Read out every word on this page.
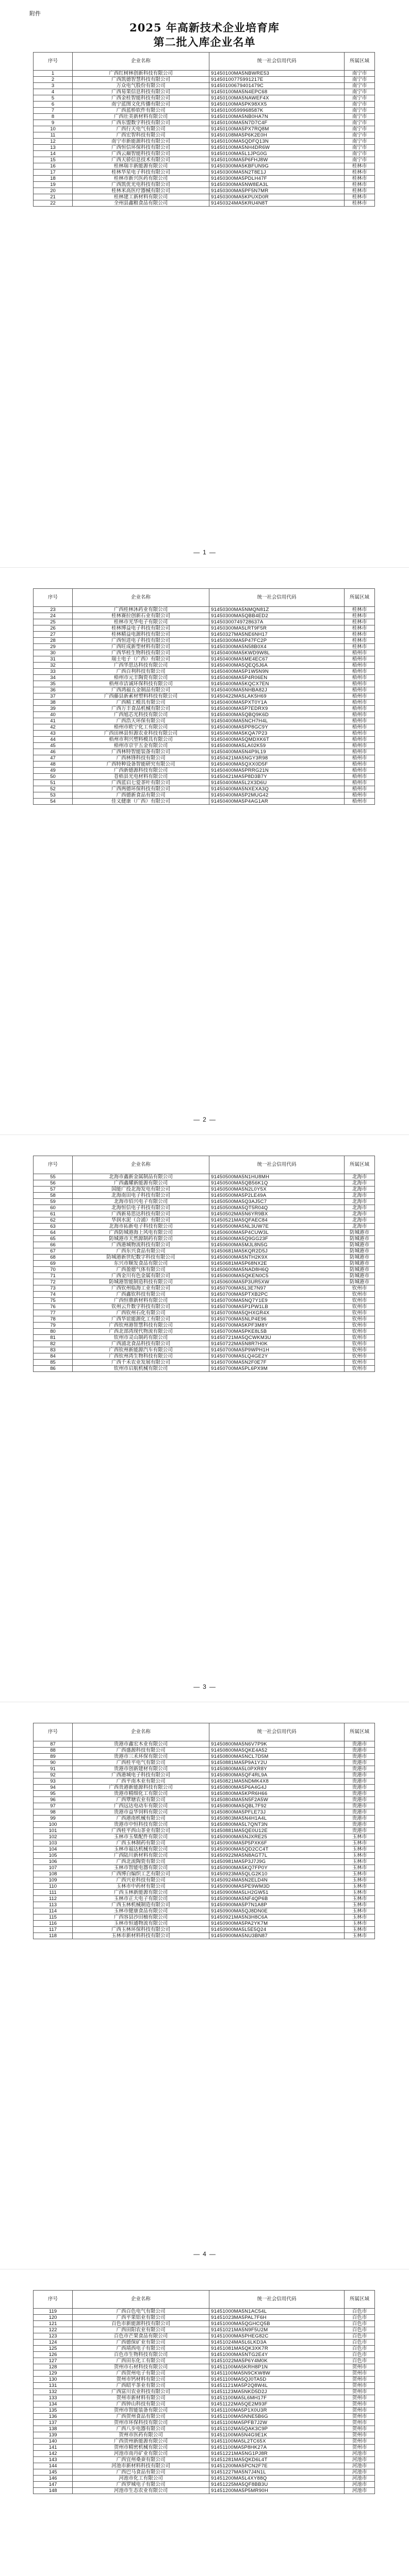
附件
2025 年高新技术企业培育库
第二批入库企业名单
序号	企业名称	统一社会信用代码	所属区域
1	广西红树林创新科技有限公司	91450100MA5NBWRE53	南宁市
2	广西凯德智慧科技有限公司	91450100775991217E	南宁市
3	万众电气股份有限公司	91450100679401479C	南宁市
4	广西易果信息科技有限公司	91450100MA5N4EPC68	南宁市
5	广西金桂智能科技有限公司	91450100MA5NAWEF4X	南宁市
6	南宁蓝图文化传播有限公司	91450100MA5PK98XX5	南宁市
7	广西蓝桥软件有限公司	91450100599968587K	南宁市
8	广西壮美新材料有限公司	91450100MA5NB0HA7N	南宁市
9	广西东盟数字科技有限公司	91450100MA5N7D7C4F	南宁市
10	广西行天电气有限公司	91450100MA5PX7RQ8M	南宁市
11	广西宏智科技有限公司	91450108MA5P6K2E0H	南宁市
12	南宁市新能源科技有限公司	91450100MA5QDFQ13N	南宁市
13	广西恒信环保科技有限公司	91450100MA5NH4DR6W	南宁市
14	广西云巅智能科技有限公司	91450100MA5L1JPG0G	南宁市
15	广西天骄信息技术有限公司	91450100MA5P6FHJ8W	南宁市
16	桂林瑞丰新能源有限公司	91450300MA5KBFUN9G	桂林市
17	桂林华星电子科技有限公司	91450300MA5N2T8E1J	桂林市
18	桂林市新兴医药有限公司	91450300MA5PDLH47F	桂林市
19	广西凯优光电科技有限公司	91450300MA5NW8EA3L	桂林市
20	桂林米高医疗器械有限公司	91450300MA5PF5N7MR	桂林市
21	桂林建工新材料有限公司	91450300MA5KPUXD0R	桂林市
22	全州县鑫粮食品有限公司	91450324MA5KRU4N8T	桂林市
— 1 —
序号	企业名称	统一社会信用代码	所属区域
23	广西桂林沐药业有限公司	91450300MA5NMQN81Z	桂林市
24	桂林赛拉创新石业有限公司	91450300MA5QBB4ED2	桂林市
25	桂林市光华电子有限公司	91450300749728637A	桂林市
26	桂林博益电子科技有限公司	91450300MA5LRT9F5R	桂林市
27	桂林精益电源科技有限公司	91450327MA5NE6NH17	桂林市
28	广西恒进电子科技有限公司	91450300MA5P47FC2P	桂林市
29	广西旺成新型材料有限公司	91450300MA5N58B0X4	桂林市
30	广西华桂生物科技有限公司	91450400MA5KWD9W8L	梧州市
31	瑞士电子（广西）有限公司	91450400MA5ME4EC67	梧州市
32	广西华思达科技有限公司	91450400MA5QEQ5J6A	梧州市
33	广西百利科技有限公司	91450400MA5P1W5N9N	梧州市
34	梧州市元丰陶瓷有限公司	91450406MA5P4R06EN	梧州市
35	梧州市洁诚环保科技有限公司	91450400MA5KQCX7EN	梧州市
36	广西鸿福五金制品有限公司	91450400MA5NHBA82J	梧州市
37	广西藤县新素材塑料科技有限公司	91450422MA5LAK5H69	梧州市
38	广西精工模具有限公司	91450400MA5PXT0Y1A	梧州市
39	广西万丰食品机械有限公司	91450400MA5P7EDRX9	梧州市
40	广西旭芯光科技有限公司	91450400MA5QBQ9K6D	梧州市
41	广西浩天环保有限公司	91450400MA5NCH7H4L	梧州市
42	梧州市欧宁化工有限公司	91450400MA5PP8GC9Y	梧州市
43	广西田林县恒源农业科技有限公司	91450400MA5KQA7P23	梧州市
44	梧州市利兴塑料模具有限公司	91450400MA5QMDXK6T	梧州市
45	梧州市京宇五金有限公司	91450400MA5LA02K59	梧州市
46	广西林特智能装备有限公司	91450400MA5N4P9L19	梧州市
47	广西林锋科技有限公司	91450421MA5NGY3R98	梧州市
48	广西特种设备智能研究有限公司	91450400MA5QXX0D5F	梧州市
49	广西新德源科技有限公司	91450400MA5PRRG21N	梧州市
50	苍梧县光电材料有限公司	91450421MA5P8D3B7Y	梧州市
51	广西蓝启七爱茶叶有限公司	91450400MA5L2X3D6U	梧州市
52	广西两德环保科技有限公司	91450400MA5NXEXA3Q	梧州市
53	广西德新食品有限公司	91450400MA5P2MUG42	梧州市
54	佳义健康（广西）有限公司	91450400MA5P4AG1AR	梧州市
— 2 —
序号	企业名称	统一社会信用代码	所属区域
55	北海市鑫新金属制品有限公司	91450500MA5N1HU8MH	北海市
56	广西鑫耀新能源有限公司	91450500MA5QB56K1Q	北海市
57	国能广投北海发电有限公司	91450500MA5N2L0Y5X	北海市
58	北海南田电子科技有限公司	91450500MA5P2LE49A	北海市
59	北海市佰兴电子有限公司	91450500MA5Q3AJ5C7	北海市
60	北海恒信电子科技有限公司	91450500MA5QT5R04Q	北海市
61	广西新易思达科技有限公司	91450502MA5N6YR9BX	北海市
62	华润水泥（合浦）有限公司	91450521MA5QFAEC84	北海市
63	北海市拓新电子科技有限公司	91450500MA5NL3UW7E	北海市
64	广西防城港海上风电有限公司	91450600MA5P4CUW3L	防城港市
65	防城港市天然源制药有限公司	91450600MA5Q9GG23F	防城港市
66	广西港城物流科技有限公司	91450600MA5MJL8N5G	防城港市
67	广西东兴食品有限公司	91450681MA5KQR2D5J	防城港市
68	防城港新世纪数字科技有限公司	91450600MA5NTH2K9X	防城港市
69	东兴市顺发食品有限公司	91450681MA5P68NX2E	防城港市
70	广西盈德气体有限公司	91450600MA5NAD8H6Q	防城港市
71	广西金川有色金属有限公司	91450600MA5QKEN0C5	防城港市
72	防城港智能制造科技有限公司	91450600MA5P3UR5XW	防城港市
73	广西钦州临海工业有限公司	91450700MA5L3E7N97	钦州市
74	广西鑫钦科技有限公司	91450700MA5PTXB2PC	钦州市
75	广西恒鼎新材料有限公司	91450700MA5NQ7Y1E9	钦州市
76	钦州云升数字科技有限公司	91450700MA5P1PW1LB	钦州市
77	广西钦州石化有限公司	91450700MA5QHXGR4X	钦州市
78	广西华谊能源化工有限公司	91450700MA5NLP4E96	钦州市
79	广西钦州港智慧科技有限公司	91450700MA5KPF3M8Y	钦州市
80	广西北部湾现代物流有限公司	91450700MA5PKE8L5B	钦州市
81	钦州市灵山制药有限公司	91450721MA5QCWKM3U	钦州市
82	广西浦北食品科技有限公司	91450722MA5N8R7H0K	钦州市
83	广西钦州新能源汽车有限公司	91450700MA5P9WPH1H	钦州市
84	广西钦州湾生物科技有限公司	91450700MA5LQ4GE2Y	钦州市
85	广西千禾农业发展有限公司	91450700MA5N2F0E7F	钦州市
86	钦州市启航机械有限公司	91450700MA5PL6PX9M	钦州市
— 3 —
序号	企业名称	统一社会信用代码	所属区域
87	贵港市鑫宏木业有限公司	91450800MA5N6V7P9K	贵港市
88	广西盛源科技有限公司	91450800MA5QKE4A52	贵港市
89	贵港市三禾环保有限公司	91450800MA5NCL7D5M	贵港市
90	广西桂平电气有限公司	91450881MA5P9A1Y2U	贵港市
91	贵港市创新建材有限公司	91450800MA5L0PXR8Y	贵港市
92	广西港城电子科技有限公司	91450800MA5QF4RL9A	贵港市
93	广西平南木业有限公司	91450821MA5NDMK4X8	贵港市
94	广西贵港新能源科技有限公司	91450800MA5P6A4G4J	贵港市
95	贵港市精细化工有限公司	91450800MA5KPR6H66	贵港市
96	广西覃塘农业有限公司	91450804MA5N5F2A5W	贵港市
97	广西远达电动车有限公司	91450800MA5QBL7F92	贵港市
98	贵港市益华饲料有限公司	91450800MA5PFLE73J	贵港市
99	广西港南机械有限公司	91450803MA5N4H1A4L	贵港市
100	贵港市中恒科技有限公司	91450800MA5L7QNT3N	贵港市
101	广西桂平西山茶业有限公司	91450881MA5QE0U12E	贵港市
102	玉林市玉柴配件有限公司	91450900MA5NJXRE25	玉林市
103	广西玉林制药有限公司	91450900MA5P5PXK6F	玉林市
104	玉林市福达机械有限公司	91450900MA5QD2CC4T	玉林市
105	广西陆川新材料有限公司	91450922MA5N8AGT7L	玉林市
106	广西北流陶瓷有限公司	91450981MA5P3J7J9G	玉林市
107	玉林市智能电器有限公司	91450900MA5KQ7FP0Y	玉林市
108	广西博白编织工艺有限公司	91450923MA5QLG2K10	玉林市
109	广西兴业科技有限公司	91450924MA5N2ELD4N	玉林市
110	玉林市中药材有限公司	91450900MA5PE9WM3D	玉林市
111	广西玉林新能源有限公司	91450900MA5LH2GW51	玉林市
112	玉林市正大电子有限公司	91450900MA5NF4QP6B	玉林市
113	广西玉林机械制造有限公司	91450900MA5P7N1A8P	玉林市
114	玉林市健康食品有限公司	91450900MA5QJ8DN0E	玉林市
115	广西容县沙田柚有限公司	91450921MA5N3H8C6A	玉林市
116	玉林市恒通物流有限公司	91450900MA5PA2YK7M	玉林市
117	广西玉林环保科技有限公司	91450900MA5L5E5Q24	玉林市
118	玉林市新材料科技有限公司	91450900MA5NU3BN87	玉林市
— 4 —
序号	企业名称	统一社会信用代码	所属区域
119	广西百色电气有限公司	91451000MA5N1AC54L	百色市
120	广西平果铝业有限公司	91451023MA5PAL7F6H	百色市
121	百色市新能源科技有限公司	91451000MA5QGHCQ5B	百色市
122	广西田阳农业有限公司	91451021MA5N9F5U2M	百色市
123	百色市芒果食品有限公司	91451000MA5PHEG82C	百色市
124	广西德保矿业有限公司	91451024MA5L6LKD3A	百色市
125	广西靖西电子有限公司	91451081MA5QK3XK7R	百色市
126	百色市生物科技有限公司	91451000MA5NTG2E4Y	百色市
127	广西田东化工有限公司	91451022MA5P6Y4M0K	百色市
128	贺州市石材科技有限公司	91451100MA5KRH8P1N	贺州市
129	广西贺州电子有限公司	91451100MA5N9CKW8W	贺州市
130	贺州市钙材料有限公司	91451100MA5QJ0TA5D	贺州市
131	广西昭平茶业有限公司	91451121MA5P2Q8W4L	贺州市
132	广西富川农业科技有限公司	91451123MA5NKD5D2J	贺州市
133	贺州市新材料有限公司	91451100MA5L6MH17F	贺州市
134	广西钟山科技有限公司	91451122MA5QE2M93F	贺州市
135	贺州市智能装备有限公司	91451100MA5P1X0U3R	贺州市
136	广西贺州食品有限公司	91451100MA5NNE5B6G	贺州市
137	贺州市环保科技有限公司	91451100MA5PFB7J2W	贺州市
138	广西八步电器有限公司	91451102MA5QAK3C9P	贺州市
139	贺州市医药有限公司	91451100MA5N4G9E1K	贺州市
140	广西贺州新能源有限公司	91451100MA5L2TC65X	贺州市
141	贺州市精密机械有限公司	91451100MA5P8HK27A	贺州市
142	河池市南丹矿业有限公司	91451221MA5NG1PJ8R	河池市
143	广西宜州桑蚕有限公司	91451281MA5QKD6L4T	河池市
144	河池市新材料科技有限公司	91451200MA5PCN2F7E	河池市
145	广西巴马食品有限公司	91451227MA5N7J4N1L	河池市
146	河池市化工有限公司	91451200MA5L4XY88Q	河池市
147	广西罗城电子有限公司	91451225MA5QF8BB3U	河池市
148	河池市生态农业有限公司	91451200MA5P5MR90H	河池市
